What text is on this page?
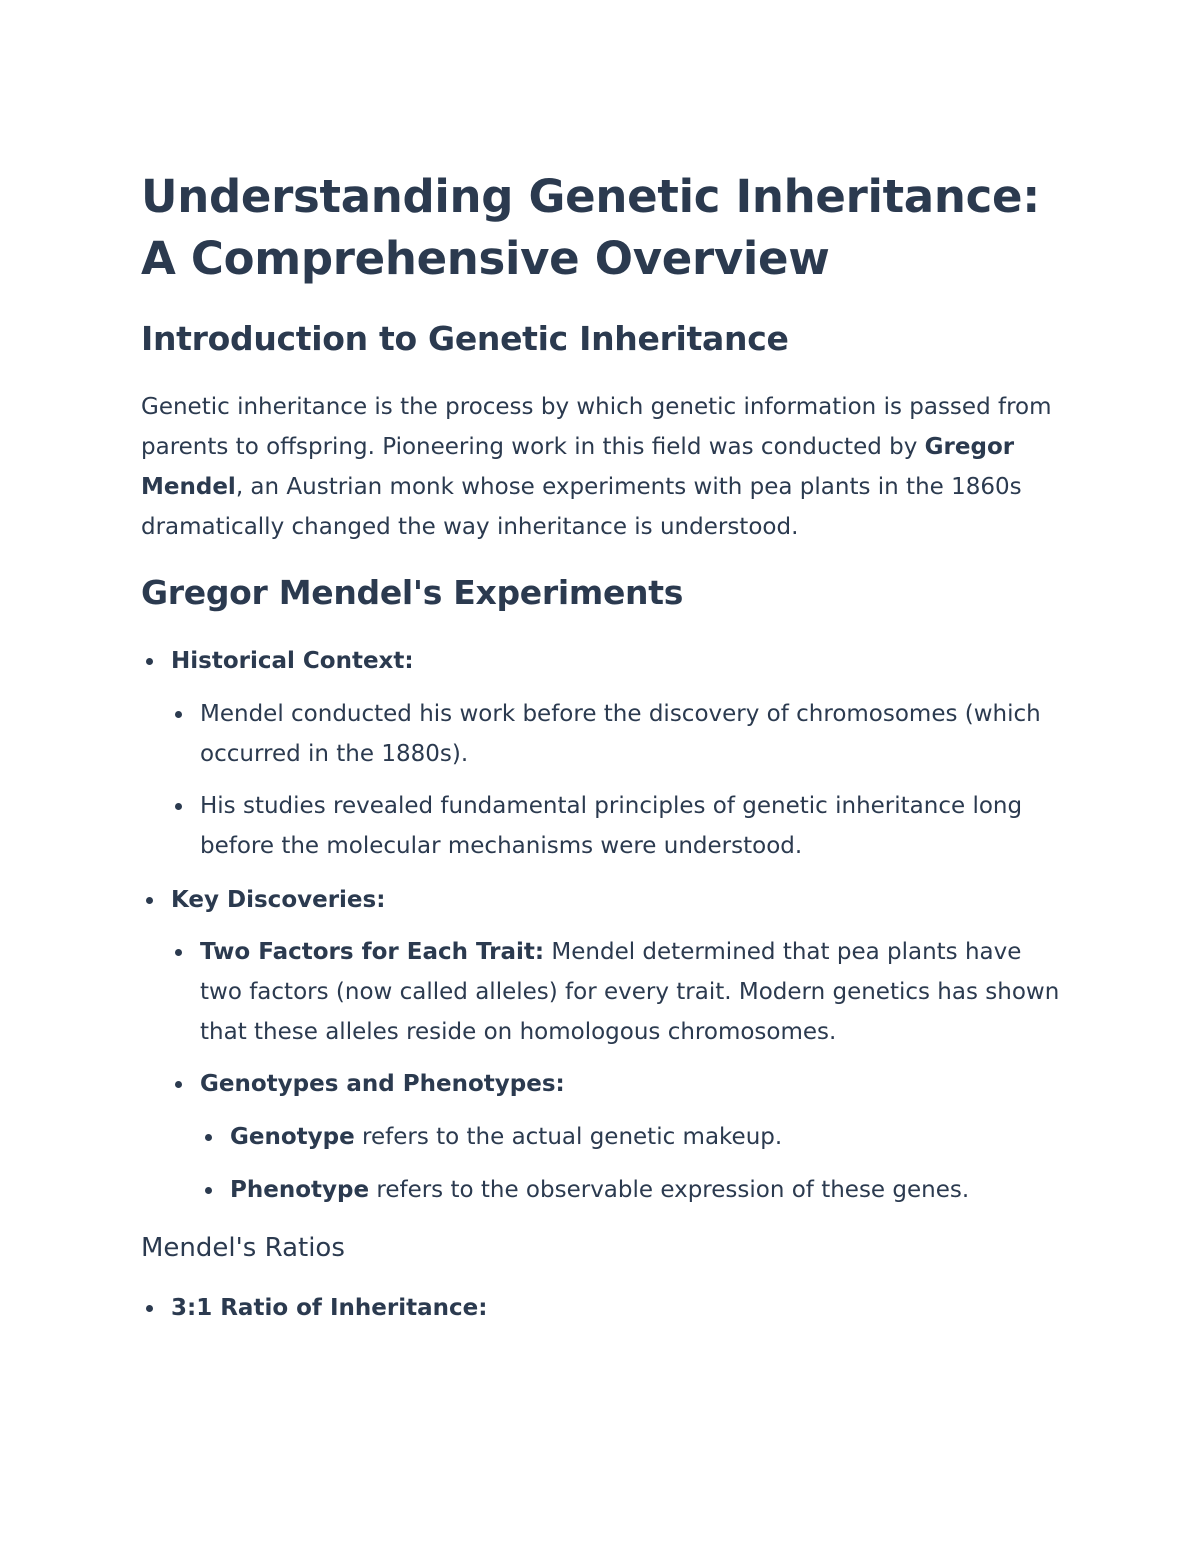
Understanding Genetic Inheritance: A Comprehensive Overview
Introduction to Genetic Inheritance

Genetic inheritance is the process by which genetic information is passed from parents to offspring. Pioneering work in this field was conducted by Gregor Mendel, an Austrian monk whose experiments with pea plants in the 1860s dramatically changed the way inheritance is understood.

Gregor Mendel's Experiments
Historical Context:
Mendel conducted his work before the discovery of chromosomes (which occurred in the 1880s).
His studies revealed fundamental principles of genetic inheritance long before the molecular mechanisms were understood.
Key Discoveries:
Two Factors for Each Trait: Mendel determined that pea plants have two factors (now called alleles) for every trait. Modern genetics has shown that these alleles reside on homologous chromosomes.
Genotypes and Phenotypes:
Genotype refers to the actual genetic makeup.
Phenotype refers to the observable expression of these genes.
Mendel's Ratios
3:1 Ratio of Inheritance:
